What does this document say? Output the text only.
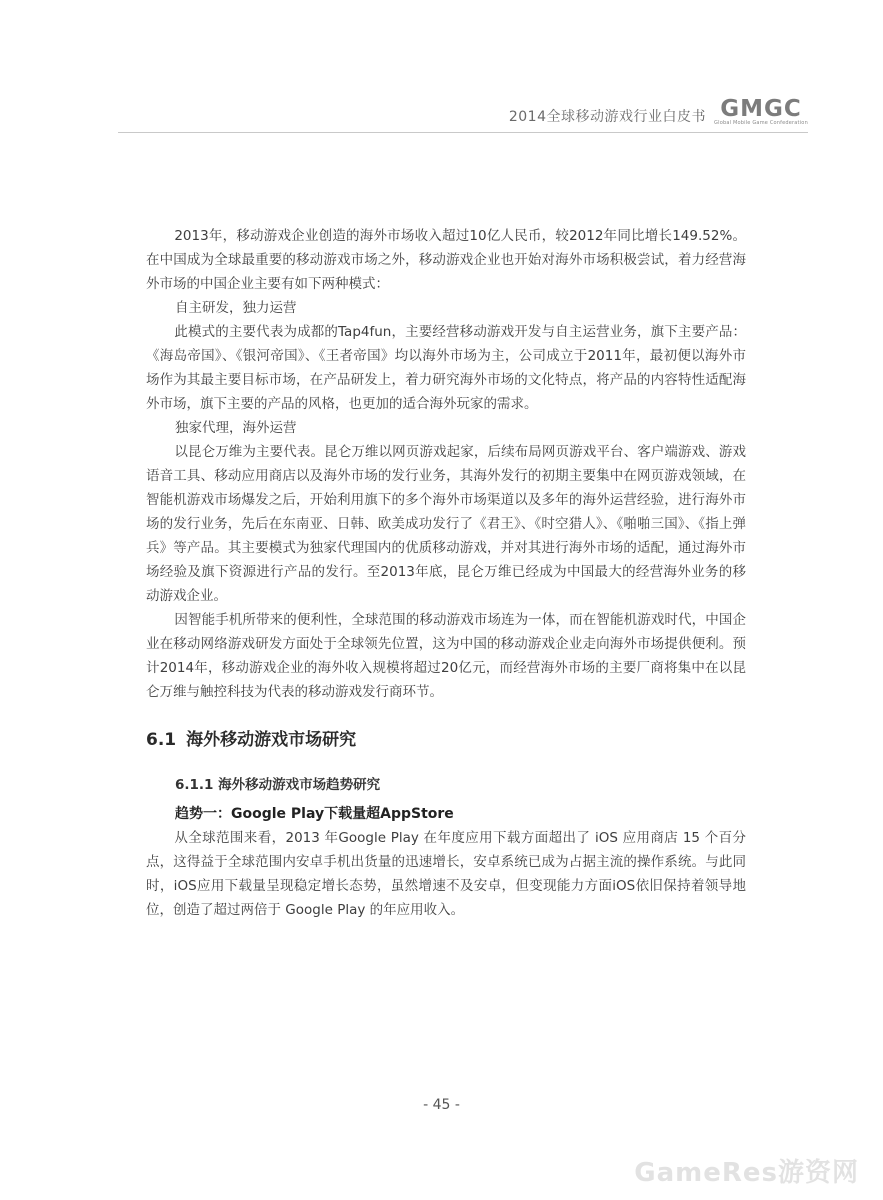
2014全球移动游戏行业白皮书 GMGC
Global Mobile Game Confederation

2013年，移动游戏企业创造的海外市场收入超过10亿人民币，较2012年同比增长149.52%。在中国成为全球最重要的移动游戏市场之外，移动游戏企业也开始对海外市场积极尝试，着力经营海外市场的中国企业主要有如下两种模式：

自主研发，独力运营

此模式的主要代表为成都的Tap4fun，主要经营移动游戏开发与自主运营业务，旗下主要产品：《海岛帝国》、《银河帝国》、《王者帝国》均以海外市场为主，公司成立于2011年，最初便以海外市场作为其最主要目标市场，在产品研发上，着力研究海外市场的文化特点，将产品的内容特性适配海外市场，旗下主要的产品的风格，也更加的适合海外玩家的需求。

独家代理，海外运营

以昆仑万维为主要代表。昆仑万维以网页游戏起家，后续布局网页游戏平台、客户端游戏、游戏语音工具、移动应用商店以及海外市场的发行业务，其海外发行的初期主要集中在网页游戏领域，在智能机游戏市场爆发之后，开始利用旗下的多个海外市场渠道以及多年的海外运营经验，进行海外市场的发行业务，先后在东南亚、日韩、欧美成功发行了《君王》、《时空猎人》、《啪啪三国》、《指上弹兵》等产品。其主要模式为独家代理国内的优质移动游戏，并对其进行海外市场的适配，通过海外市场经验及旗下资源进行产品的发行。至2013年底，昆仑万维已经成为中国最大的经营海外业务的移动游戏企业。

因智能手机所带来的便利性，全球范围的移动游戏市场连为一体，而在智能机游戏时代，中国企业在移动网络游戏研发方面处于全球领先位置，这为中国的移动游戏企业走向海外市场提供便利。预计2014年，移动游戏企业的海外收入规模将超过20亿元，而经营海外市场的主要厂商将集中在以昆仑万维与触控科技为代表的移动游戏发行商环节。

6.1 海外移动游戏市场研究
6.1.1 海外移动游戏市场趋势研究

趋势一：Google Play下载量超AppStore

从全球范围来看，2013 年Google Play 在年度应用下载方面超出了 iOS 应用商店 15 个百分点，这得益于全球范围内安卓手机出货量的迅速增长，安卓系统已成为占据主流的操作系统。与此同时，iOS应用下载量呈现稳定增长态势，虽然增速不及安卓，但变现能力方面iOS依旧保持着领导地位，创造了超过两倍于 Google Play 的年应用收入。

- 45 -
GameRes游资网
